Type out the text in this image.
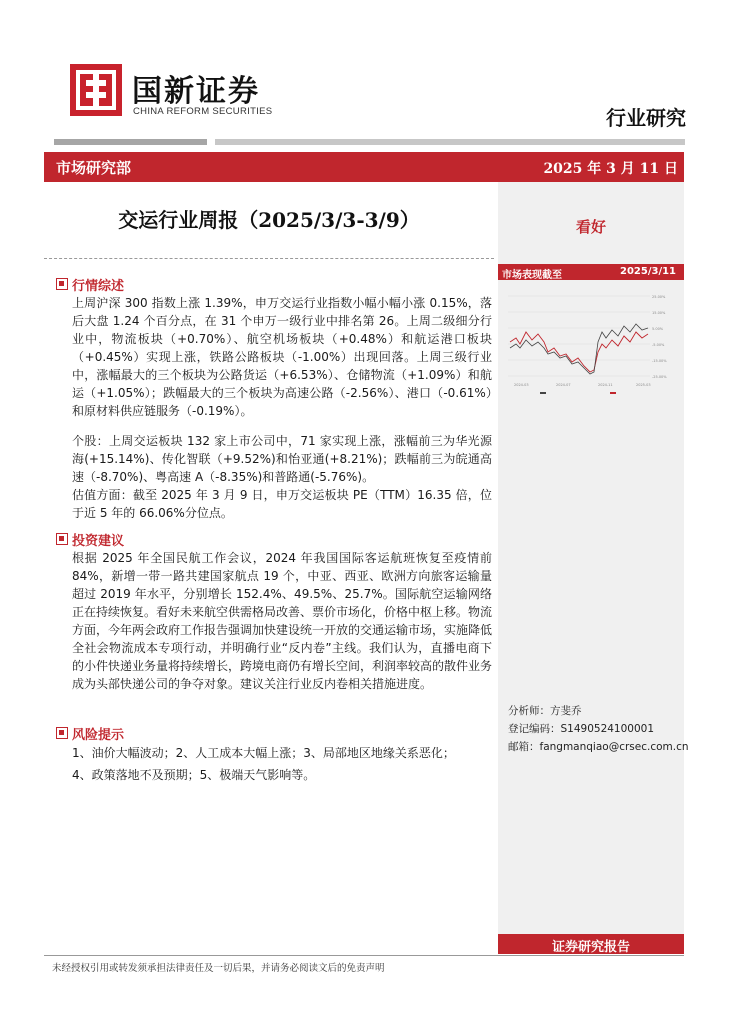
国新证券
CHINA REFORM SECURITIES	行业研究
市场研究部	2025 年 3 月 11 日
交运行业周报（2025/3/3-3/9）	看好
市场表现截至	2025/3/11
25.00%
15.00%
5.00%
-5.00%
-15.00%
-25.00%
2024-03	2024-07	2024-11	2025-03
行情综述

上周沪深 300 指数上涨 1.39%，申万交运行业指数小幅小幅小涨 0.15%，落后大盘 1.24 个百分点，在 31 个申万一级行业中排名第 26。上周二级细分行业中，物流板块（+0.70%）、航空机场板块（+0.48%）和航运港口板块（+0.45%）实现上涨，铁路公路板块（-1.00%）出现回落。上周三级行业中，涨幅最大的三个板块为公路货运（+6.53%）、仓储物流（+1.09%）和航运（+1.05%）；跌幅最大的三个板块为高速公路（-2.56%）、港口（-0.61%）和原材料供应链服务（-0.19%）。

个股：上周交运板块 132 家上市公司中，71 家实现上涨，涨幅前三为华光源海(+15.14%)、传化智联（+9.52%)和怡亚通(+8.21%)；跌幅前三为皖通高速（-8.70%)、粤高速 A（-8.35%)和普路通(-5.76%)。

估值方面：截至 2025 年 3 月 9 日，申万交运板块 PE（TTM）16.35 倍，位于近 5 年的 66.06%分位点。

投资建议

根据 2025 年全国民航工作会议，2024 年我国国际客运航班恢复至疫情前 84%，新增一带一路共建国家航点 19 个，中亚、西亚、欧洲方向旅客运输量超过 2019 年水平，分别增长 152.4%、49.5%、25.7%。国际航空运输网络正在持续恢复。看好未来航空供需格局改善、票价市场化，价格中枢上移。物流方面，今年两会政府工作报告强调加快建设统一开放的交通运输市场，实施降低全社会物流成本专项行动，并明确行业“反内卷”主线。我们认为，直播电商下的小件快递业务量将持续增长，跨境电商仍有增长空间，利润率较高的散件业务成为头部快递公司的争夺对象。建议关注行业反内卷相关措施进度。

分析师：方斐乔
登记编码：S1490524100001
邮箱：fangmanqiao@crsec.com.cn
风险提示

1、油价大幅波动；2、人工成本大幅上涨；3、局部地区地缘关系恶化；

4、政策落地不及预期；5、极端天气影响等。

证券研究报告
未经授权引用或转发须承担法律责任及一切后果，并请务必阅读文后的免责声明
